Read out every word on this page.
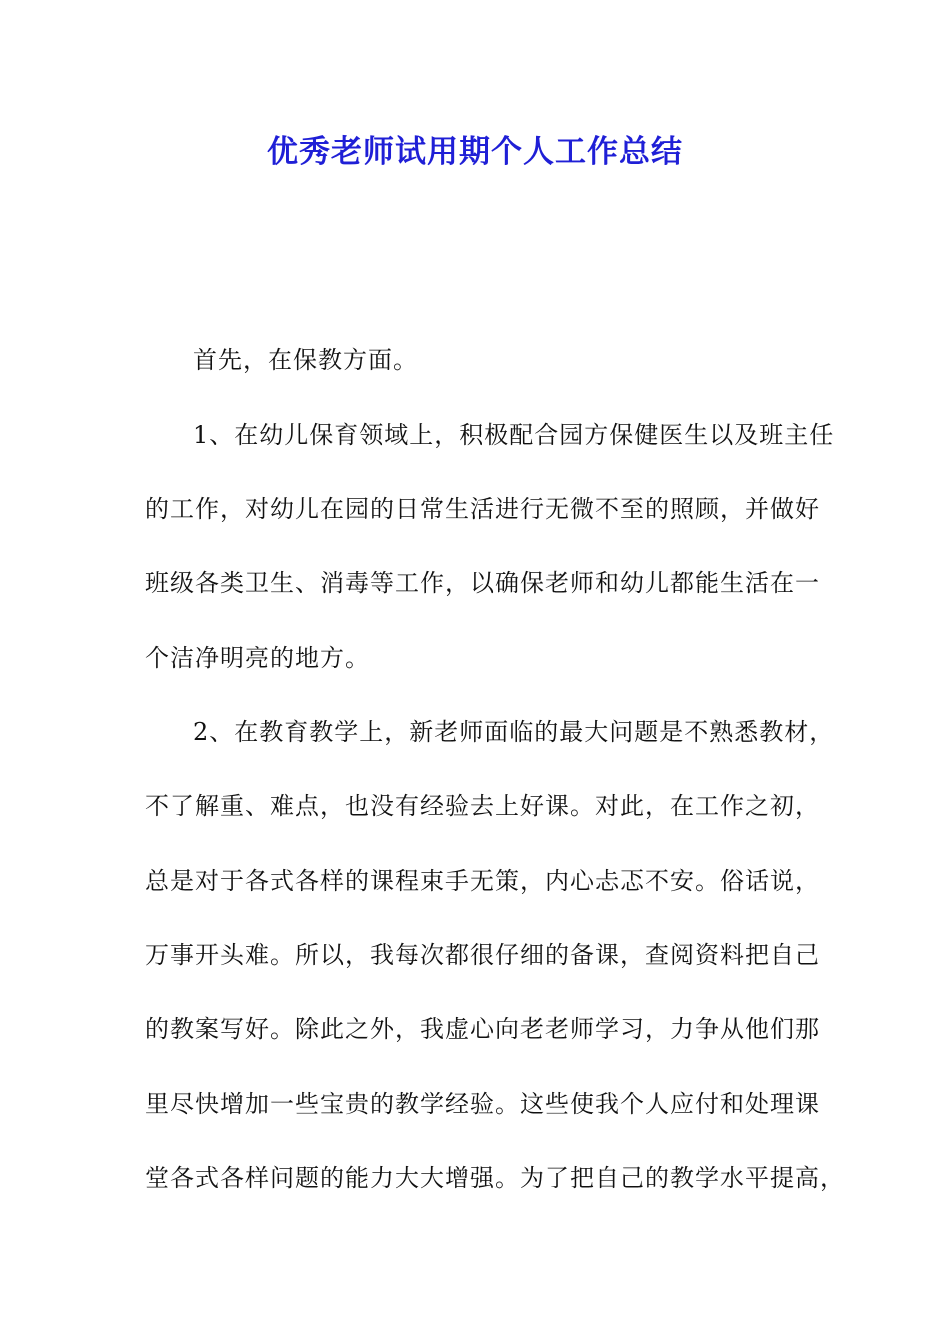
优秀老师试用期个人工作总结
首先，在保教方面。
1、在幼儿保育领域上，积极配合园方保健医生以及班主任
的工作，对幼儿在园的日常生活进行无微不至的照顾，并做好
班级各类卫生、消毒等工作，以确保老师和幼儿都能生活在一
个洁净明亮的地方。
2、在教育教学上，新老师面临的最大问题是不熟悉教材，
不了解重、难点，也没有经验去上好课。对此，在工作之初，
总是对于各式各样的课程束手无策，内心忐忑不安。俗话说，
万事开头难。所以，我每次都很仔细的备课，查阅资料把自己
的教案写好。除此之外，我虚心向老老师学习，力争从他们那
里尽快增加一些宝贵的教学经验。这些使我个人应付和处理课
堂各式各样问题的能力大大增强。为了把自己的教学水平提高，
